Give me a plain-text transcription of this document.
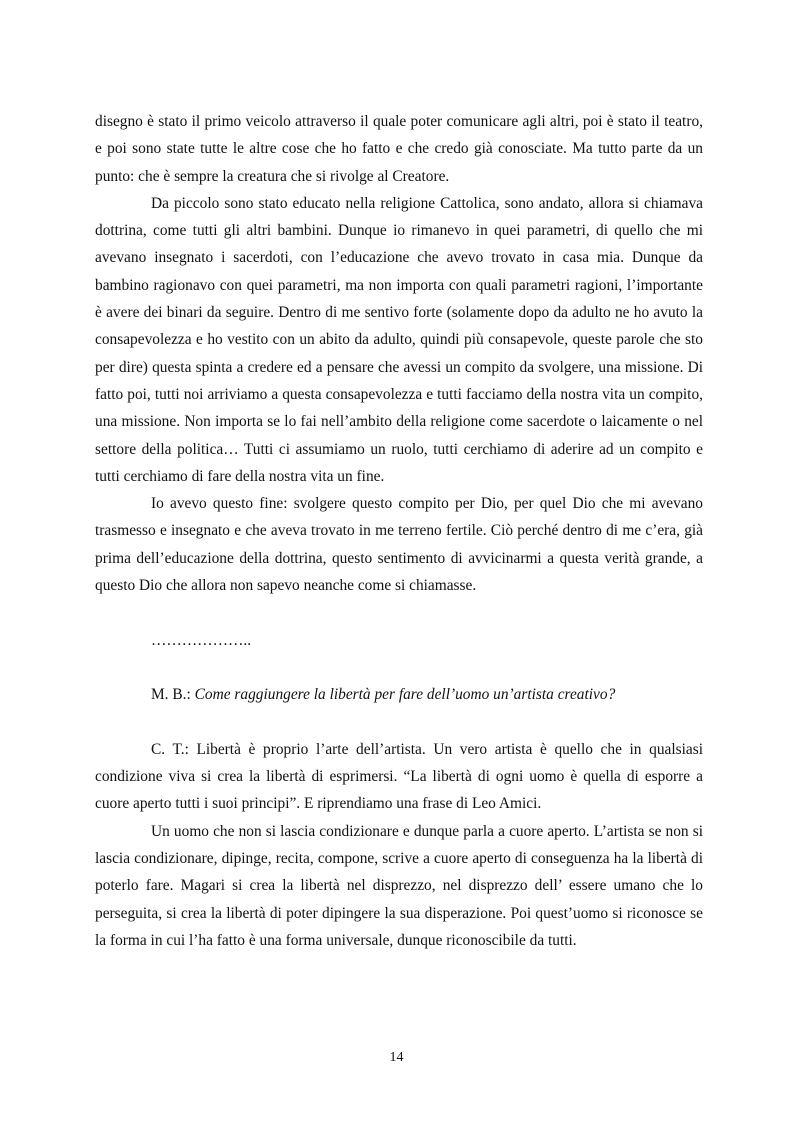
disegno è stato il primo veicolo attraverso il quale poter comunicare agli altri, poi è stato il teatro, e poi sono state tutte le altre cose che ho fatto e che credo già conosciate. Ma tutto parte da un punto: che è sempre la creatura che si rivolge al Creatore.

Da piccolo sono stato educato nella religione Cattolica, sono andato, allora si chiamava dottrina, come tutti gli altri bambini. Dunque io rimanevo in quei parametri, di quello che mi avevano insegnato i sacerdoti, con l’educazione che avevo trovato in casa mia. Dunque da bambino ragionavo con quei parametri, ma non importa con quali parametri ragioni, l’importante è avere dei binari da seguire. Dentro di me sentivo forte (solamente dopo da adulto ne ho avuto la consapevolezza e ho vestito con un abito da adulto, quindi più consapevole, queste parole che sto per dire) questa spinta a credere ed a pensare che avessi un compito da svolgere, una missione. Di fatto poi, tutti noi arriviamo a questa consapevolezza e tutti facciamo della nostra vita un compito, una missione. Non importa se lo fai nell’ambito della religione come sacerdote o laicamente o nel settore della politica… Tutti ci assumiamo un ruolo, tutti cerchiamo di aderire ad un compito e tutti cerchiamo di fare della nostra vita un fine.

Io avevo questo fine: svolgere questo compito per Dio, per quel Dio che mi avevano trasmesso e insegnato e che aveva trovato in me terreno fertile. Ciò perché dentro di me c’era, già prima dell’educazione della dottrina, questo sentimento di avvicinarmi a questa verità grande, a questo Dio che allora non sapevo neanche come si chiamasse.

………………..

M. B.: Come raggiungere la libertà per fare dell’uomo un’artista creativo?

C. T.: Libertà è proprio l’arte dell’artista. Un vero artista è quello che in qualsiasi condizione viva si crea la libertà di esprimersi. “La libertà di ogni uomo è quella di esporre a cuore aperto tutti i suoi principi”. E riprendiamo una frase di Leo Amici.

Un uomo che non si lascia condizionare e dunque parla a cuore aperto. L’artista se non si lascia condizionare, dipinge, recita, compone, scrive a cuore aperto di conseguenza ha la libertà di poterlo fare. Magari si crea la libertà nel disprezzo, nel disprezzo dell’ essere umano che lo perseguita, si crea la libertà di poter dipingere la sua disperazione. Poi quest’uomo si riconosce se la forma in cui l’ha fatto è una forma universale, dunque riconoscibile da tutti.

14
